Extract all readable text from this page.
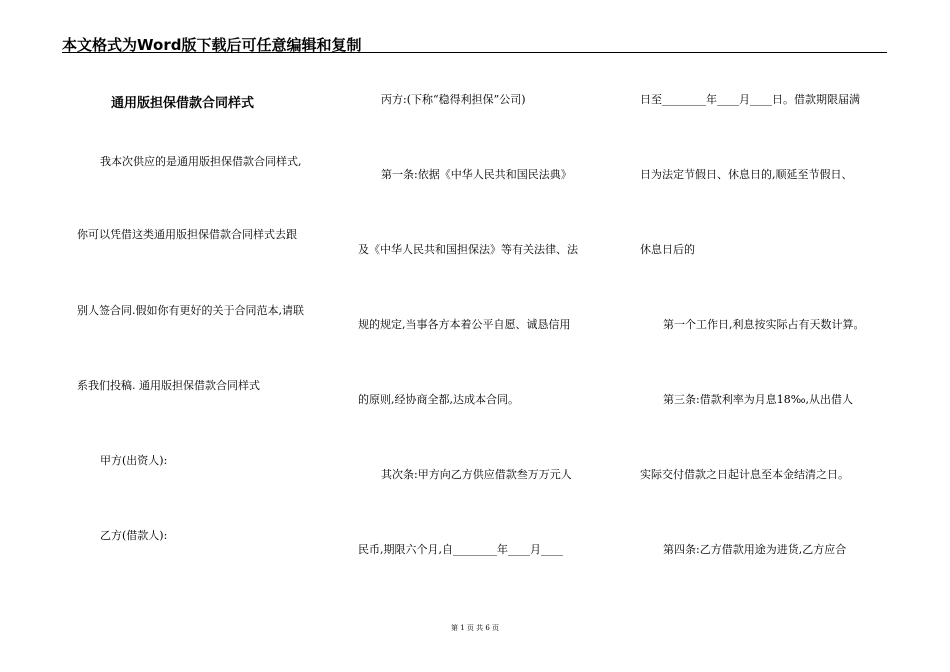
本文格式为Word版下载后可任意编辑和复制
通用版担保借款合同样式
我本次供应的是通用版担保借款合同样式,
你可以凭借这类通用版担保借款合同样式去跟
别人签合同.假如你有更好的关于合同范本,请联
系我们投稿. 通用版担保借款合同样式
甲方(出资人):
乙方(借款人):
丙方:(下称“稳得利担保”公司)
第一条:依据《中华人民共和国民法典》
及《中华人民共和国担保法》等有关法律、法
规的规定,当事各方本着公平自愿、诚恳信用
的原则,经协商全都,达成本合同。
其次条:甲方向乙方供应借款叁万万元人
民币,期限六个月,自________年____月____
日至________年____月____日。借款期限届满
日为法定节假日、休息日的,顺延至节假日、
休息日后的
第一个工作日,利息按实际占有天数计算。
第三条:借款利率为月息18‰,从出借人
实际交付借款之日起计息至本金结清之日。
第四条:乙方借款用途为进货,乙方应合
第 1 页 共 6 页
